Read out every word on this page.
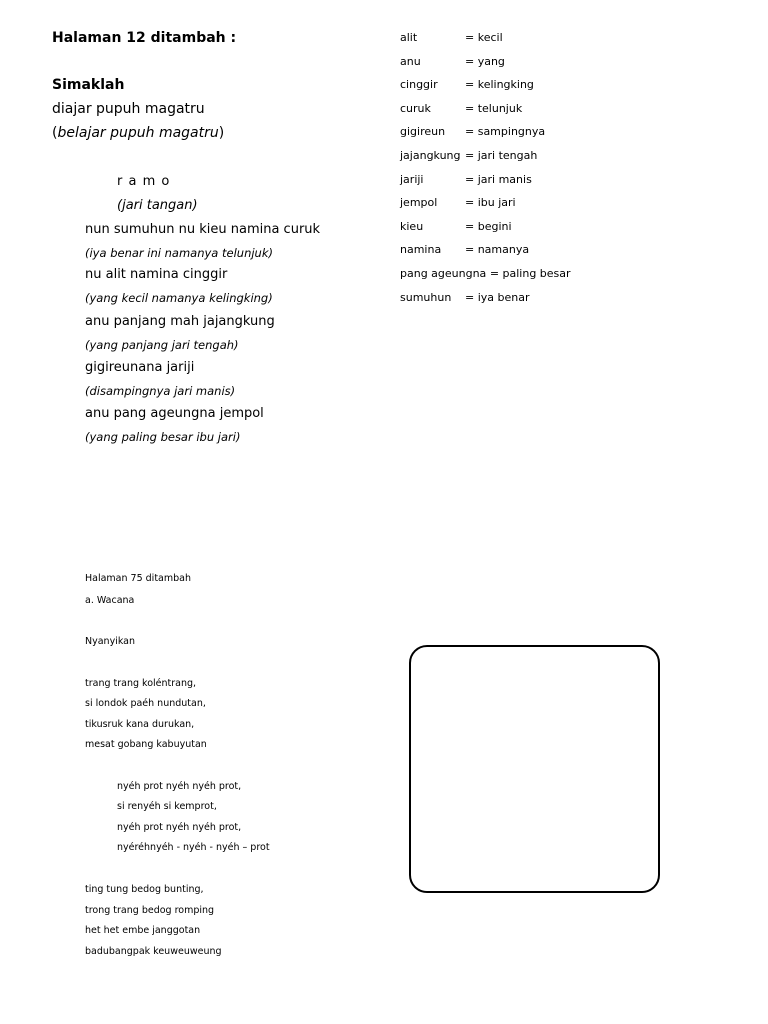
Halaman 12 ditambah :
Simaklah
diajar pupuh magatru
(belajar pupuh magatru)
r a m o
(jari tangan)
nun sumuhun nu kieu namina curuk
(iya benar ini namanya telunjuk)
nu alit namina cinggir
(yang kecil namanya kelingking)
anu panjang mah jajangkung
(yang panjang jari tengah)
gigireunana jariji
(disampingnya jari manis)
anu pang ageungna jempol
(yang paling besar ibu jari)
alit	= kecil
anu	= yang
cinggir = kelingking
curuk	= telunjuk
gigireun = sampingnya
jajangkung = jari tengah
jariji	= jari manis
jempol	= ibu jari
kieu	= begini
namina = namanya
pang ageungna = paling besar
sumuhun = iya benar
Halaman 75 ditambah
a. Wacana
Nyanyikan
trang trang koléntrang,
si londok paéh nundutan,
tikusruk kana durukan,
mesat gobang kabuyutan
nyéh prot nyéh nyéh prot,
si renyéh si kemprot,
nyéh prot nyéh nyéh prot,
nyéréhnyéh - nyéh - nyéh – prot
ting tung bedog bunting,
trong trang bedog romping
het het embe janggotan
badubangpak keuweuweung
